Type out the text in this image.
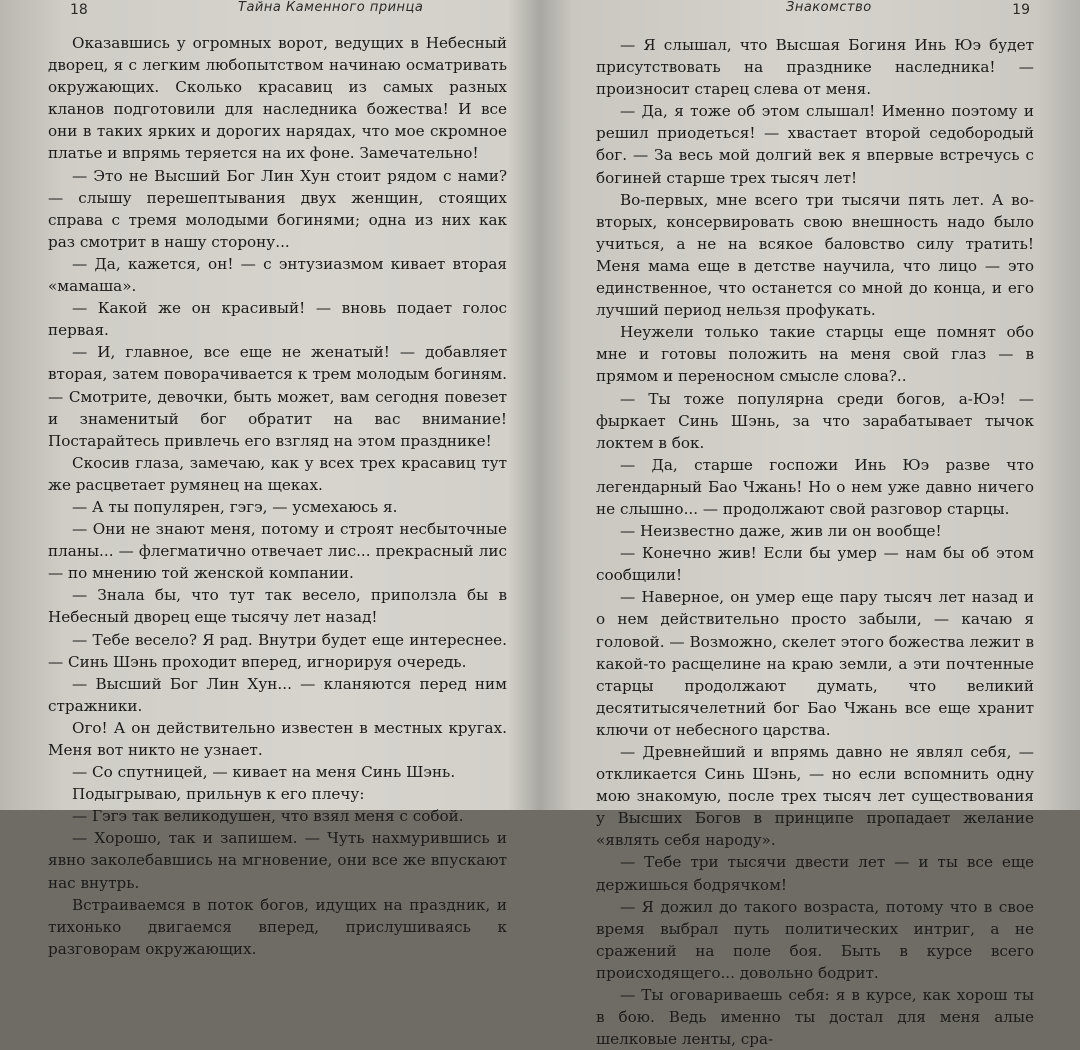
18	Тайна Каменного принца

Оказавшись у огромных ворот, ведущих в Небесный дворец, я с легким любопытством начинаю осматривать окружающих. Сколько красавиц из самых разных кланов подготовили для наследника божества! И все они в таких ярких и дорогих нарядах, что мое скромное платье и впрямь теряется на их фоне. Замечательно!

— Это не Высший Бог Лин Хун стоит рядом с нами? — слышу перешептывания двух женщин, стоящих справа с тремя молодыми богинями; одна из них как раз смотрит в нашу сторону...

— Да, кажется, он! — с энтузиазмом кивает вторая «мамаша».

— Какой же он красивый! — вновь подает голос первая.

— И, главное, все еще не женатый! — добавляет вторая, затем поворачивается к трем молодым богиням. — Смотрите, девочки, быть может, вам сегодня повезет и знаменитый бог обратит на вас внимание! Постарайтесь привлечь его взгляд на этом празднике!

Скосив глаза, замечаю, как у всех трех красавиц тут же расцветает румянец на щеках.

— А ты популярен, гэгэ, — усмехаюсь я.

— Они не знают меня, потому и строят несбыточные планы... — флегматично отвечает лис... прекрасный лис — по мнению той женской компании.

— Знала бы, что тут так весело, приползла бы в Небесный дворец еще тысячу лет назад!

— Тебе весело? Я рад. Внутри будет еще интереснее. — Синь Шэнь проходит вперед, игнорируя очередь.

— Высший Бог Лин Хун... — кланяются перед ним стражники.

Ого! А он действительно известен в местных кругах. Меня вот никто не узнает.

— Со спутницей, — кивает на меня Синь Шэнь.

Подыгрываю, прильнув к его плечу:

— Гэгэ так великодушен, что взял меня с собой.

— Хорошо, так и запишем. — Чуть нахмурившись и явно заколебавшись на мгновение, они все же впускают нас внутрь.

Встраиваемся в поток богов, идущих на праздник, и тихонько двигаемся вперед, прислушиваясь к разговорам окружающих.

Знакомство	19

— Я слышал, что Высшая Богиня Инь Юэ будет присутствовать на празднике наследника! — произносит старец слева от меня.

— Да, я тоже об этом слышал! Именно поэтому и решил приодеться! — хвастает второй седобородый бог. — За весь мой долгий век я впервые встречусь с богиней старше трех тысяч лет!

Во-первых, мне всего три тысячи пять лет. А во-вторых, консервировать свою внешность надо было учиться, а не на всякое баловство силу тратить! Меня мама еще в детстве научила, что лицо — это единственное, что останется со мной до конца, и его лучший период нельзя профукать.

Неужели только такие старцы еще помнят обо мне и готовы положить на меня свой глаз — в прямом и переносном смысле слова?..

— Ты тоже популярна среди богов, а-Юэ! — фыркает Синь Шэнь, за что зарабатывает тычок локтем в бок.

— Да, старше госпожи Инь Юэ разве что легендарный Бао Чжань! Но о нем уже давно ничего не слышно... — продолжают свой разговор старцы.

— Неизвестно даже, жив ли он вообще!

— Конечно жив! Если бы умер — нам бы об этом сообщили!

— Наверное, он умер еще пару тысяч лет назад и о нем действительно просто забыли, — качаю я головой. — Возможно, скелет этого божества лежит в какой-то расщелине на краю земли, а эти почтенные старцы продолжают думать, что великий десятитысячелетний бог Бао Чжань все еще хранит ключи от небесного царства.

— Древнейший и впрямь давно не являл себя, — откликается Синь Шэнь, — но если вспомнить одну мою знакомую, после трех тысяч лет существования у Высших Богов в принципе пропадает желание «являть себя народу».

— Тебе три тысячи двести лет — и ты все еще держишься бодрячком!

— Я дожил до такого возраста, потому что в свое время выбрал путь политических интриг, а не сражений на поле боя. Быть в курсе всего происходящего... довольно бодрит.

— Ты оговариваешь себя: я в курсе, как хорош ты в бою. Ведь именно ты достал для меня алые шелковые ленты, сра-
